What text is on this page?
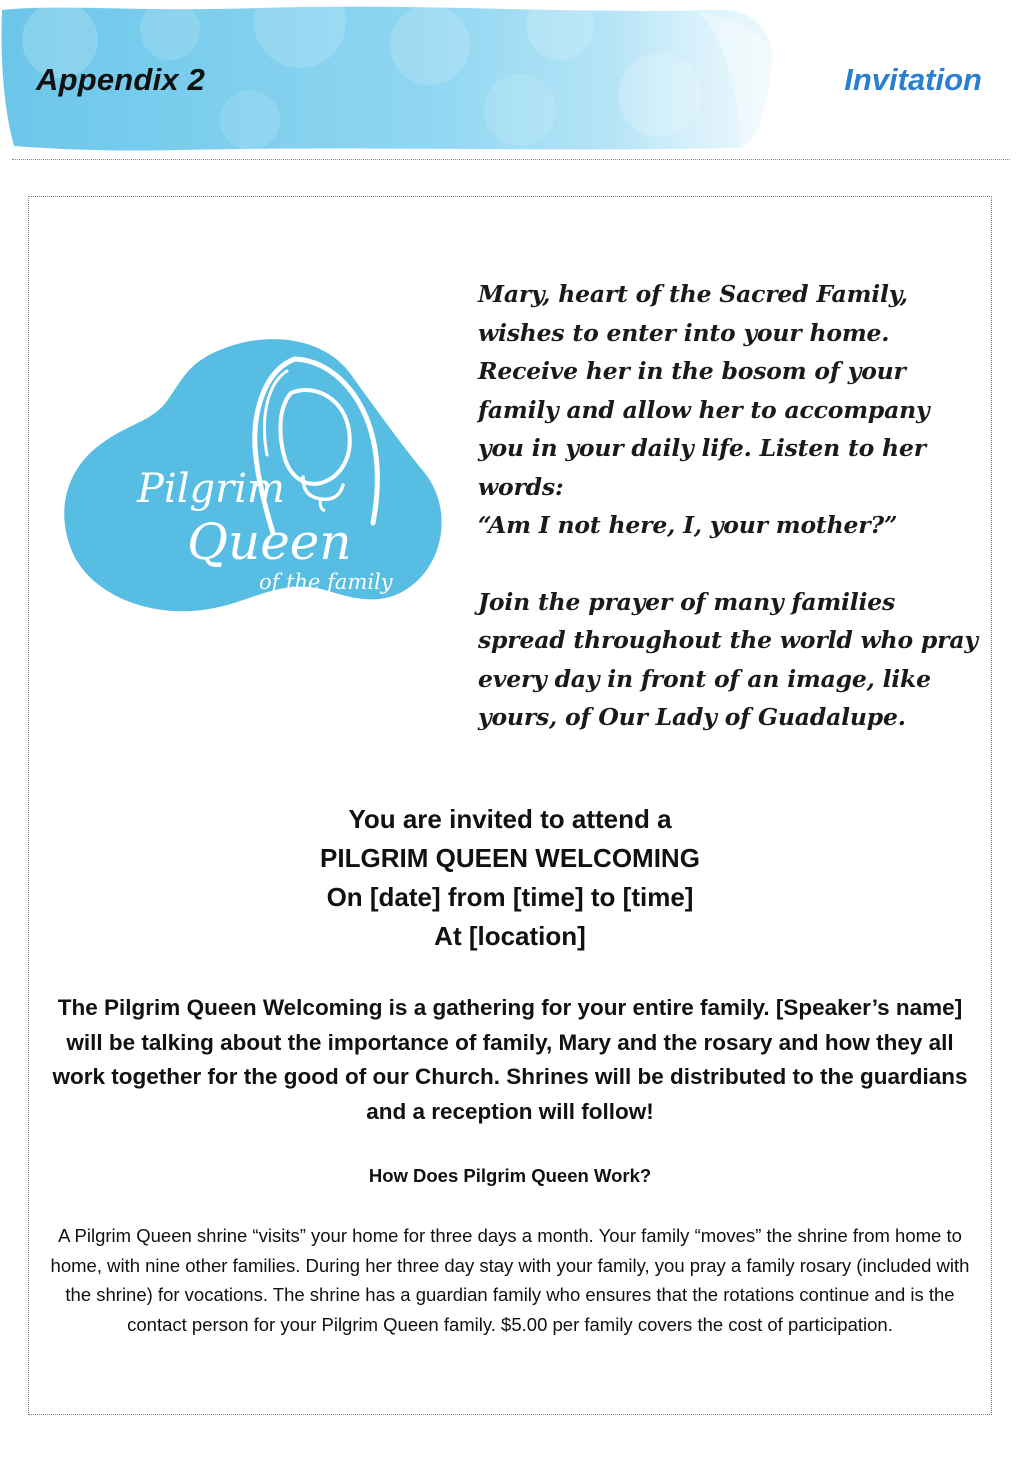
Appendix 2	Invitation
Pilgrim
Queen
of the family
Mary, heart of the Sacred Family,
wishes to enter into your home.
Receive her in the bosom of your
family and allow her to accompany
you in your daily life. Listen to her
words:
“Am I not here, I, your mother?”
Join the prayer of many families
spread throughout the world who pray
every day in front of an image, like
yours, of Our Lady of Guadalupe.
You are invited to attend a
PILGRIM QUEEN WELCOMING
On [date] from [time] to [time]
At [location]
The Pilgrim Queen Welcoming is a gathering for your entire family. [Speaker’s name] will be talking about the importance of family, Mary and the rosary and how they all work together for the good of our Church. Shrines will be distributed to the guardians and a reception will follow!
How Does Pilgrim Queen Work?
A Pilgrim Queen shrine “visits” your home for three days a month. Your family “moves” the shrine from home to home, with nine other families. During her three day stay with your family, you pray a family rosary (included with the shrine) for vocations. The shrine has a guardian family who ensures that the rotations continue and is the contact person for your Pilgrim Queen family. $5.00 per family covers the cost of participation.
